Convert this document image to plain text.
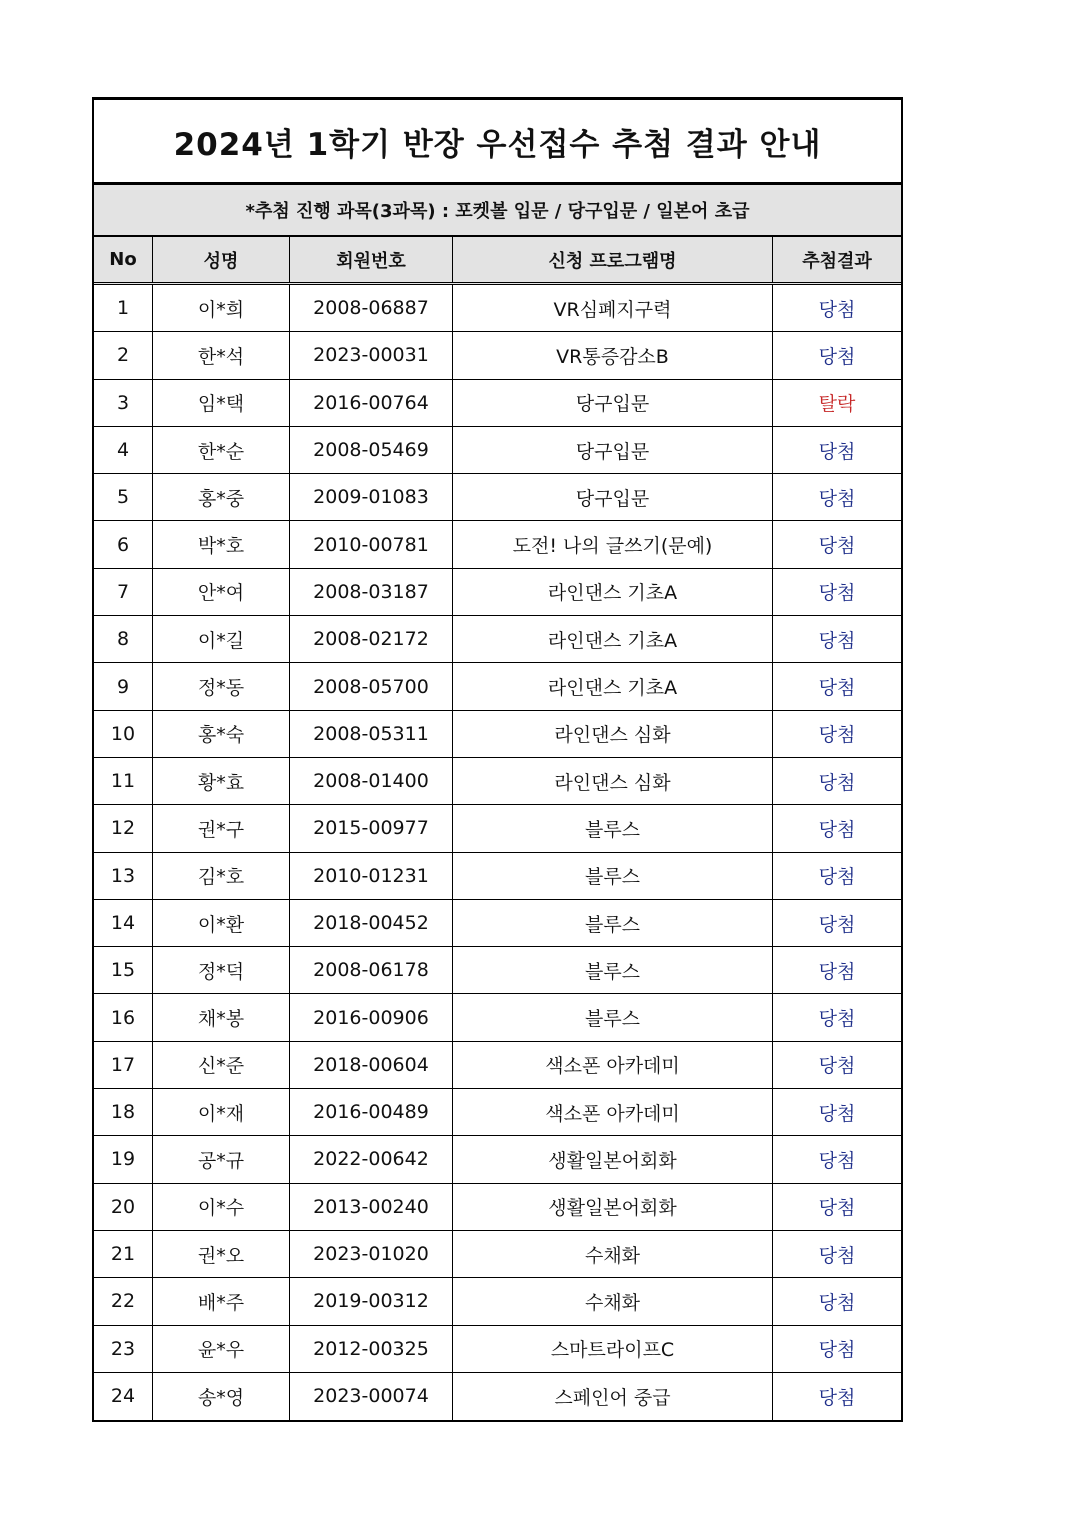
2024년 1학기 반장 우선접수 추첨 결과 안내
*추첨 진행 과목(3과목) : 포켓볼 입문 / 당구입문 / 일본어 초급
No	성명	회원번호	신청 프로그램명	추첨결과
1	이*희	2008-06887	VR심폐지구력	당첨
2	한*석	2023-00031	VR통증감소B	당첨
3	임*택	2016-00764	당구입문	탈락
4	한*순	2008-05469	당구입문	당첨
5	홍*중	2009-01083	당구입문	당첨
6	박*호	2010-00781	도전! 나의 글쓰기(문예)	당첨
7	안*여	2008-03187	라인댄스 기초A	당첨
8	이*길	2008-02172	라인댄스 기초A	당첨
9	정*동	2008-05700	라인댄스 기초A	당첨
10	홍*숙	2008-05311	라인댄스 심화	당첨
11	황*효	2008-01400	라인댄스 심화	당첨
12	권*구	2015-00977	블루스	당첨
13	김*호	2010-01231	블루스	당첨
14	이*환	2018-00452	블루스	당첨
15	정*덕	2008-06178	블루스	당첨
16	채*봉	2016-00906	블루스	당첨
17	신*준	2018-00604	색소폰 아카데미	당첨
18	이*재	2016-00489	색소폰 아카데미	당첨
19	공*규	2022-00642	생활일본어회화	당첨
20	이*수	2013-00240	생활일본어회화	당첨
21	권*오	2023-01020	수채화	당첨
22	배*주	2019-00312	수채화	당첨
23	윤*우	2012-00325	스마트라이프C	당첨
24	송*영	2023-00074	스페인어 중급	당첨
